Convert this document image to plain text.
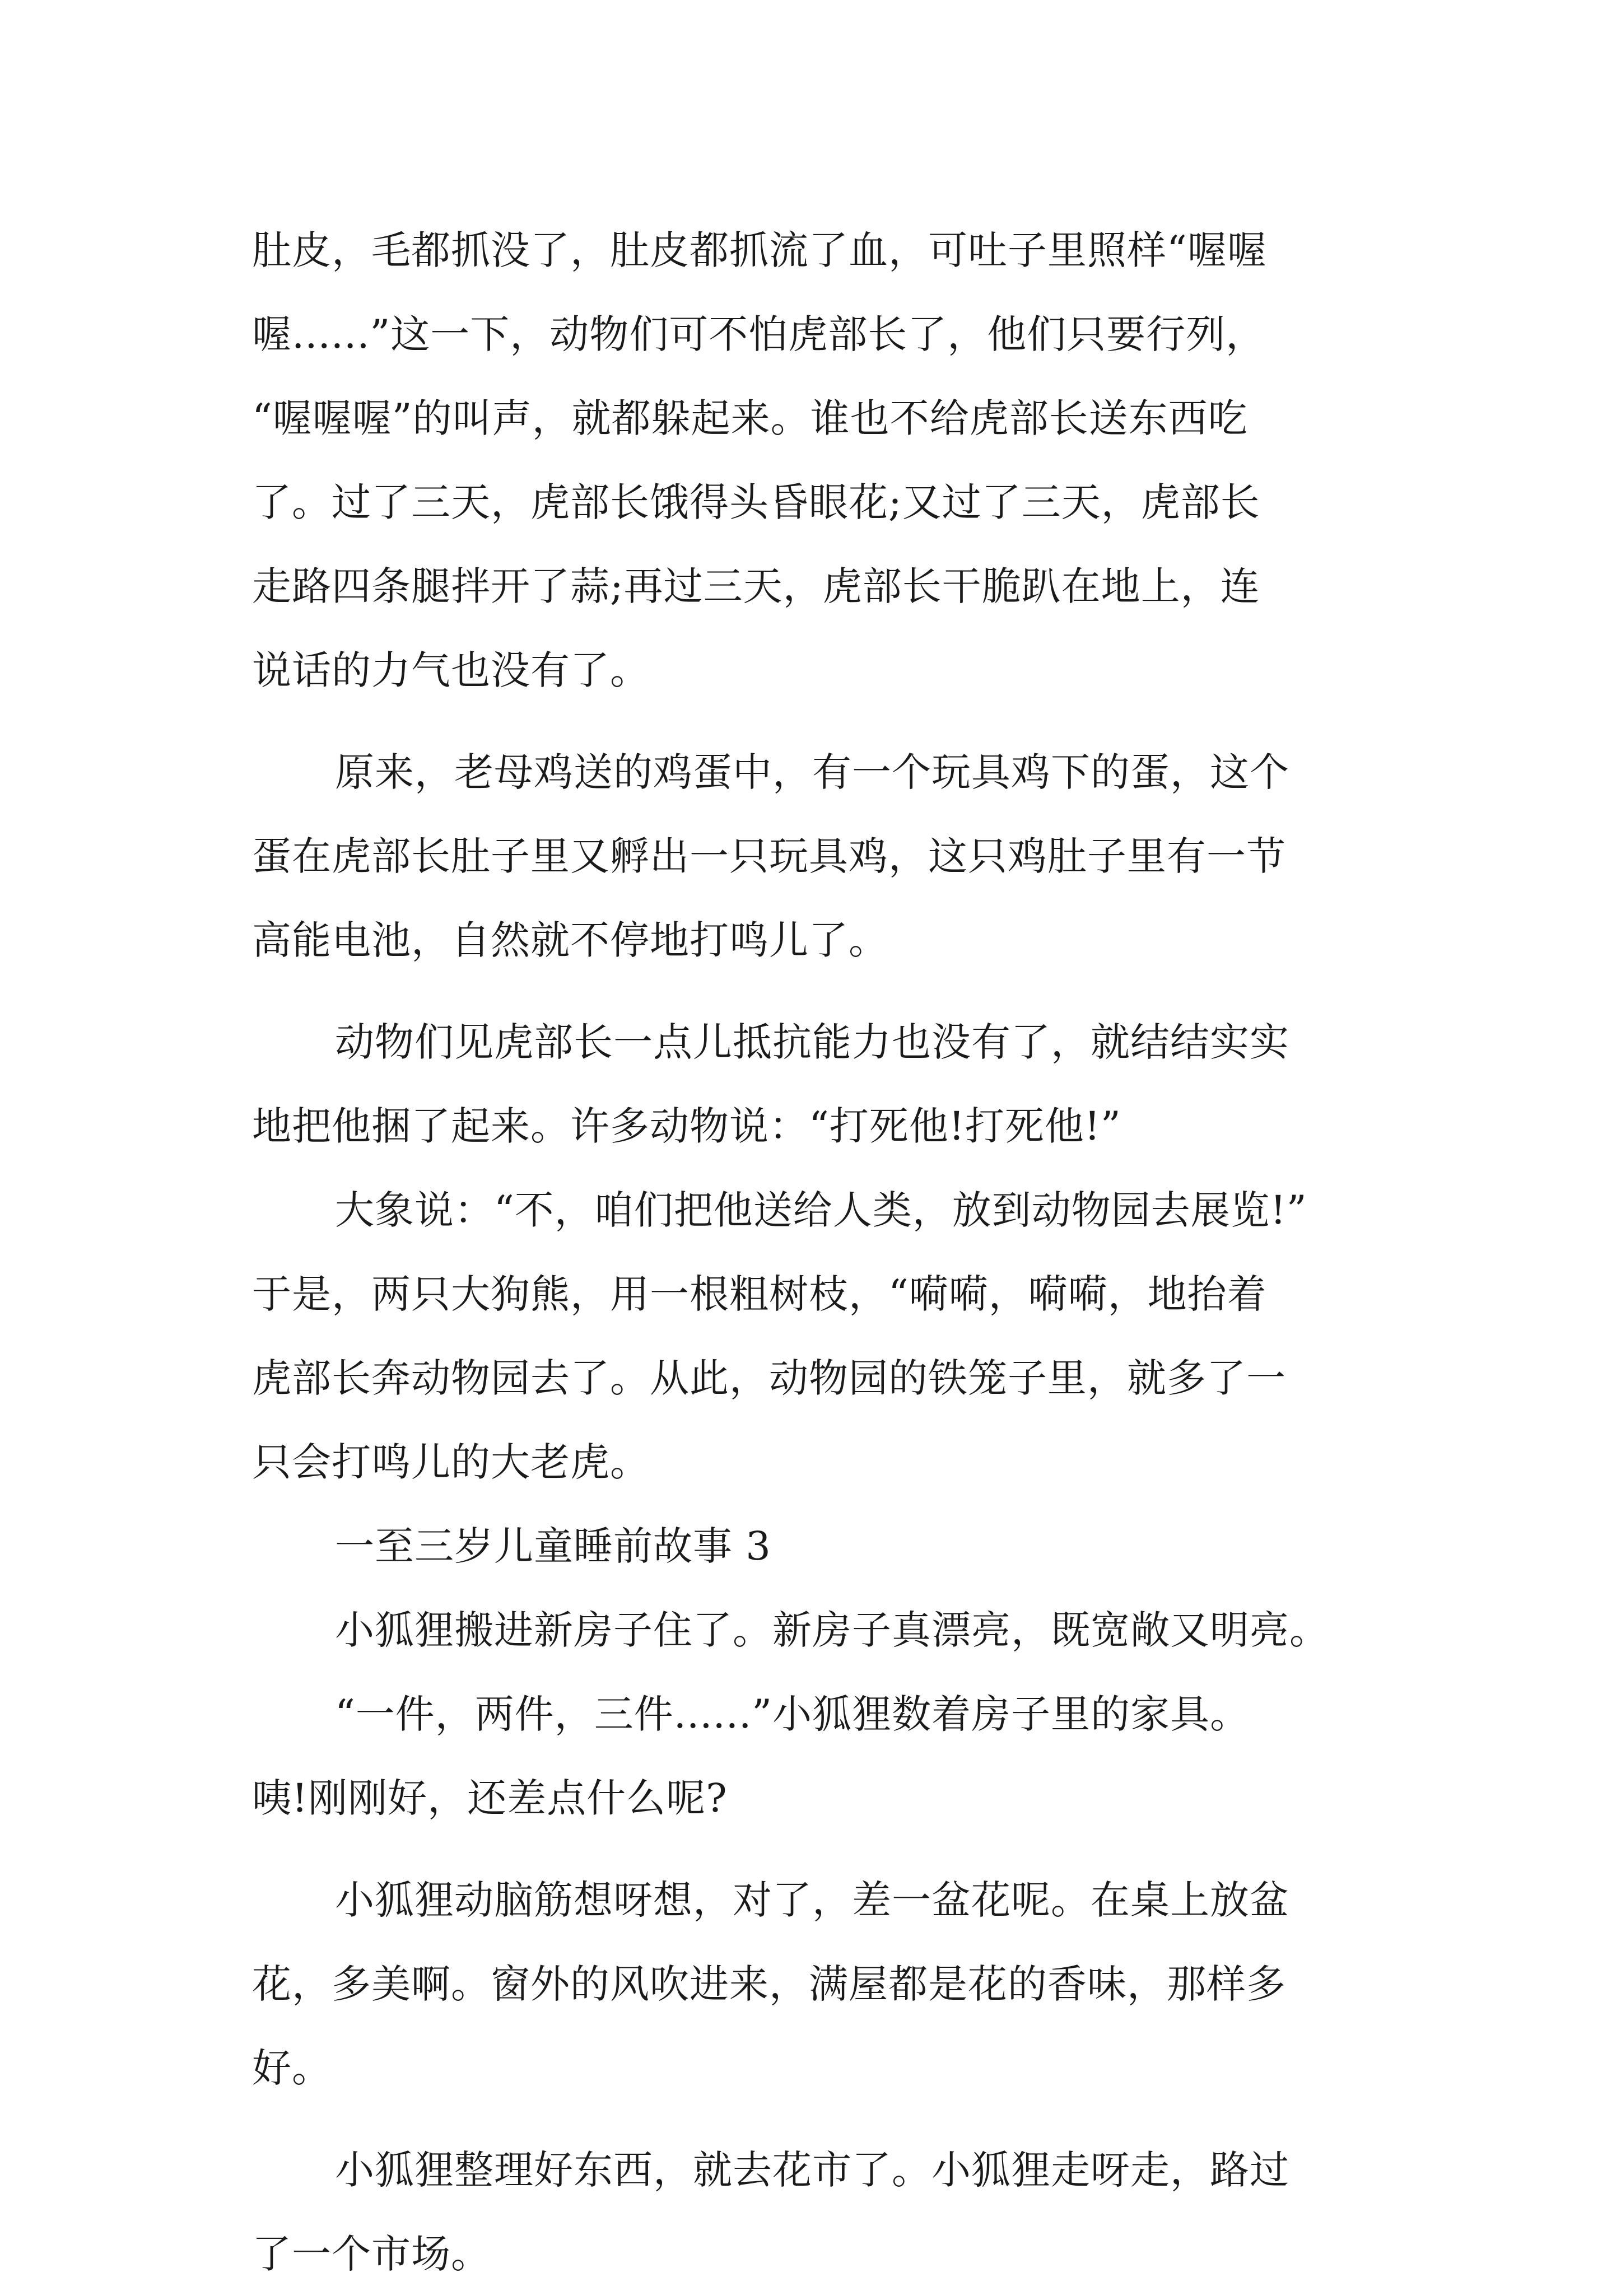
肚皮，毛都抓没了，肚皮都抓流了血，可吐子里照样“喔喔
喔......”这一下，动物们可不怕虎部长了，他们只要行列，
“喔喔喔”的叫声，就都躲起来。谁也不给虎部长送东西吃
了。过了三天，虎部长饿得头昏眼花;又过了三天，虎部长
走路四条腿拌开了蒜;再过三天，虎部长干脆趴在地上，连
说话的力气也没有了。
原来，老母鸡送的鸡蛋中，有一个玩具鸡下的蛋，这个
蛋在虎部长肚子里又孵出一只玩具鸡，这只鸡肚子里有一节
高能电池，自然就不停地打鸣儿了。
动物们见虎部长一点儿抵抗能力也没有了，就结结实实
地把他捆了起来。许多动物说：“打死他!打死他!”
大象说：“不，咱们把他送给人类，放到动物园去展览!”
于是，两只大狗熊，用一根粗树枝，“嗬嗬，嗬嗬，地抬着
虎部长奔动物园去了。从此，动物园的铁笼子里，就多了一
只会打鸣儿的大老虎。
一至三岁儿童睡前故事 3
小狐狸搬进新房子住了。新房子真漂亮，既宽敞又明亮。
“一件，两件，三件......”小狐狸数着房子里的家具。
咦!刚刚好，还差点什么呢?
小狐狸动脑筋想呀想，对了，差一盆花呢。在桌上放盆
花，多美啊。窗外的风吹进来，满屋都是花的香味，那样多
好。
小狐狸整理好东西，就去花市了。小狐狸走呀走，路过
了一个市场。
